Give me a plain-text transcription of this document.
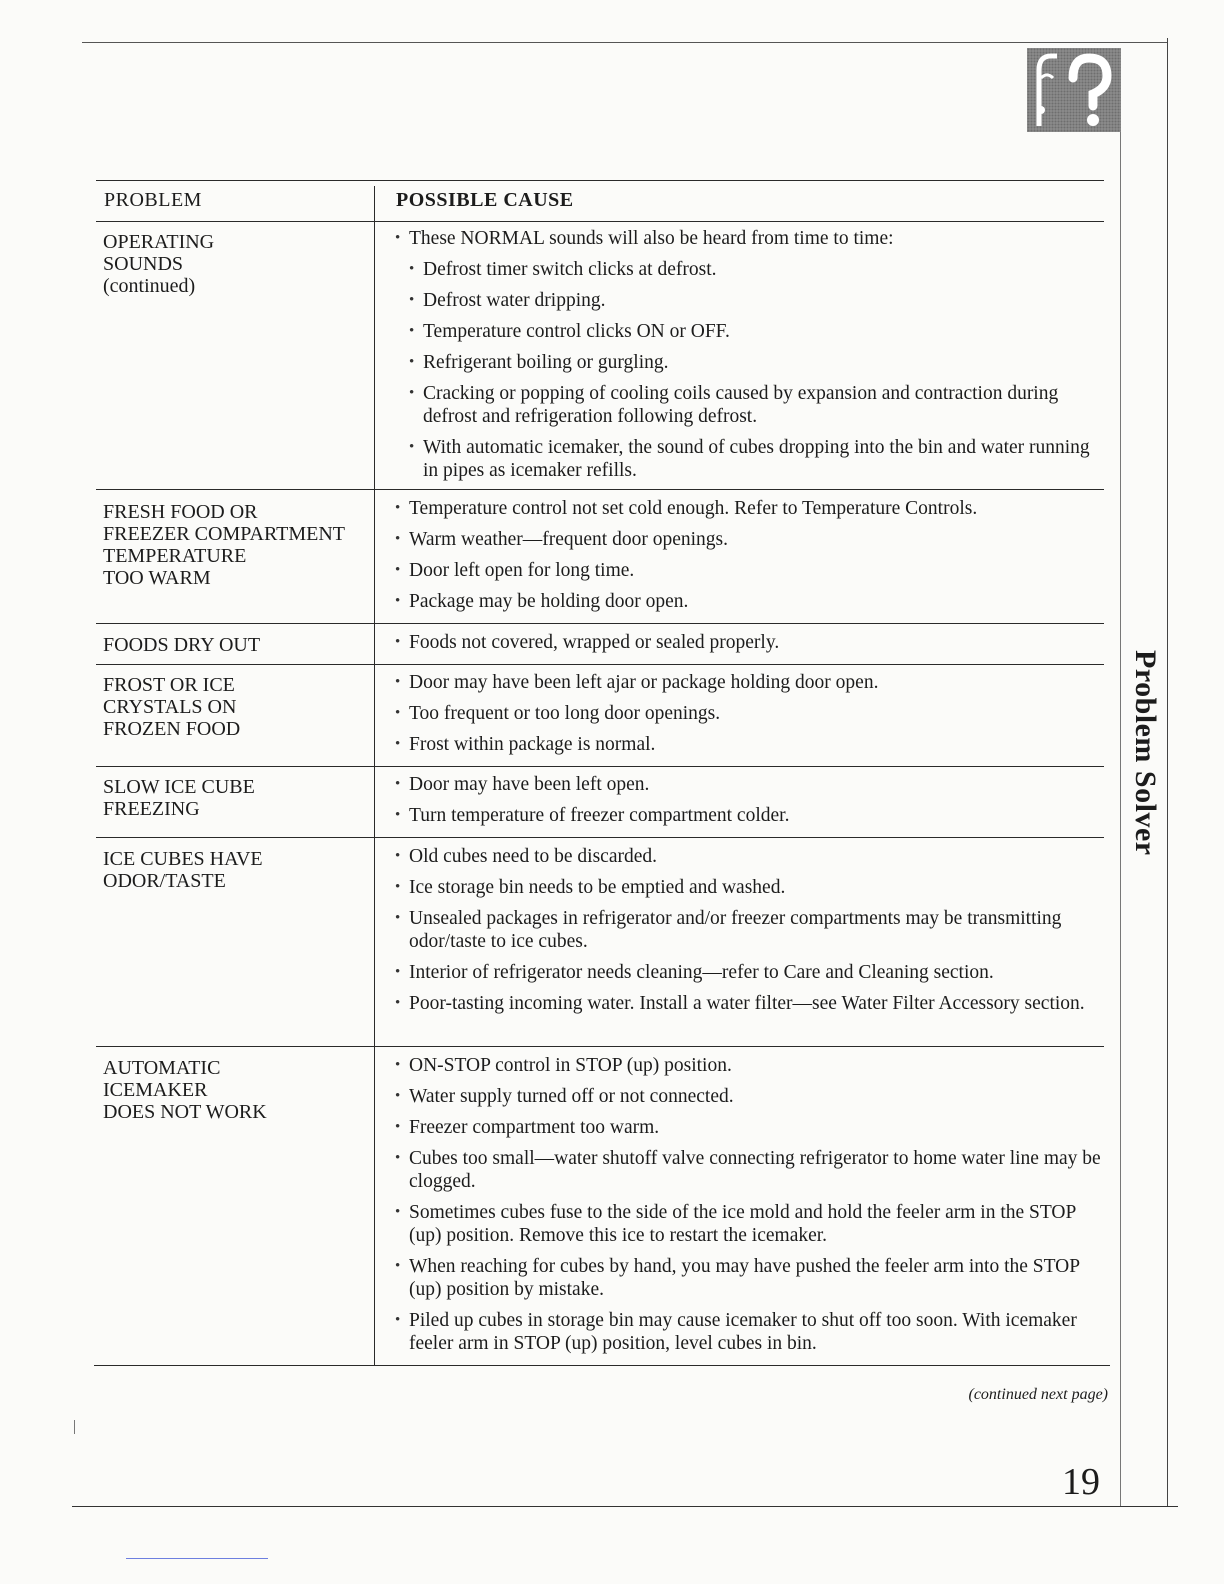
Problem Solver
PROBLEM	POSSIBLE CAUSE
OPERATING
SOUNDS
(continued)
• These NORMAL sounds will also be heard from time to time:
• Defrost timer switch clicks at defrost.
• Defrost water dripping.
• Temperature control clicks ON or OFF.
• Refrigerant boiling or gurgling.
• Cracking or popping of cooling coils caused by expansion and contraction during defrost and refrigeration following defrost.
• With automatic icemaker, the sound of cubes dropping into the bin and water running in pipes as icemaker refills.
FRESH FOOD OR
FREEZER COMPARTMENT
TEMPERATURE
TOO WARM
• Temperature control not set cold enough. Refer to Temperature Controls.
• Warm weather—frequent door openings.
• Door left open for long time.
• Package may be holding door open.
FOODS DRY OUT
•	Foods not covered, wrapped or sealed properly.
FROST OR ICE
CRYSTALS ON
FROZEN FOOD
• Door may have been left ajar or package holding door open.
• Too frequent or too long door openings.
• Frost within package is normal.
SLOW ICE CUBE
FREEZING
• Door may have been left open.
• Turn temperature of freezer compartment colder.
ICE CUBES HAVE
ODOR/TASTE
• Old cubes need to be discarded.
• Ice storage bin needs to be emptied and washed.
• Unsealed packages in refrigerator and/or freezer compartments may be transmitting odor/taste to ice cubes.
• Interior of refrigerator needs cleaning—refer to Care and Cleaning section.
• Poor-tasting incoming water. Install a water filter—see Water Filter Accessory section.
AUTOMATIC
ICEMAKER
DOES NOT WORK
• ON-STOP control in STOP (up) position.
• Water supply turned off or not connected.
• Freezer compartment too warm.
• Cubes too small—water shutoff valve connecting refrigerator to home water line may be clogged.
• Sometimes cubes fuse to the side of the ice mold and hold the feeler arm in the STOP (up) position. Remove this ice to restart the icemaker.
• When reaching for cubes by hand, you may have pushed the feeler arm into the STOP (up) position by mistake.
• Piled up cubes in storage bin may cause icemaker to shut off too soon. With icemaker feeler arm in STOP (up) position, level cubes in bin.
(continued next page)
19
